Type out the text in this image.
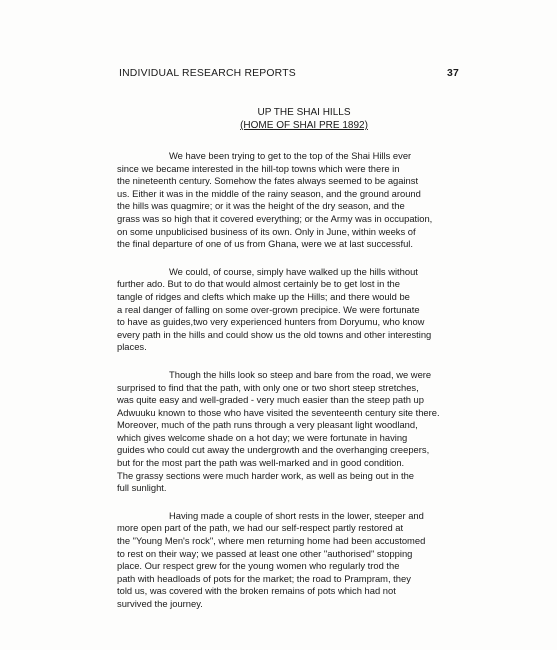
INDIVIDUAL RESEARCH REPORTS	37
UP THE SHAI HILLS
(HOME OF SHAI PRE 1892)
We have been trying to get to the top of the Shai Hills ever
since we became interested in the hill-top towns which were there in
the nineteenth century. Somehow the fates always seemed to be against
us. Either it was in the middle of the rainy season, and the ground around
the hills was quagmire; or it was the height of the dry season, and the
grass was so high that it covered everything; or the Army was in occupation,
on some unpublicised business of its own. Only in June, within weeks of
the final departure of one of us from Ghana, were we at last successful.
We could, of course, simply have walked up the hills without
further ado. But to do that would almost certainly be to get lost in the
tangle of ridges and clefts which make up the Hills; and there would be
a real danger of falling on some over-grown precipice. We were fortunate
to have as guides,two very experienced hunters from Doryumu, who know
every path in the hills and could show us the old towns and other interesting
places.
Though the hills look so steep and bare from the road, we were
surprised to find that the path, with only one or two short steep stretches,
was quite easy and well-graded - very much easier than the steep path up
Adwuuku known to those who have visited the seventeenth century site there.
Moreover, much of the path runs through a very pleasant light woodland,
which gives welcome shade on a hot day; we were fortunate in having
guides who could cut away the undergrowth and the overhanging creepers,
but for the most part the path was well-marked and in good condition.
The grassy sections were much harder work, as well as being out in the
full sunlight.
Having made a couple of short rests in the lower, steeper and
more open part of the path, we had our self-respect partly restored at
the "Young Men's rock", where men returning home had been accustomed
to rest on their way; we passed at least one other "authorised" stopping
place. Our respect grew for the young women who regularly trod the
path with headloads of pots for the market; the road to Prampram, they
told us, was covered with the broken remains of pots which had not
survived the journey.
